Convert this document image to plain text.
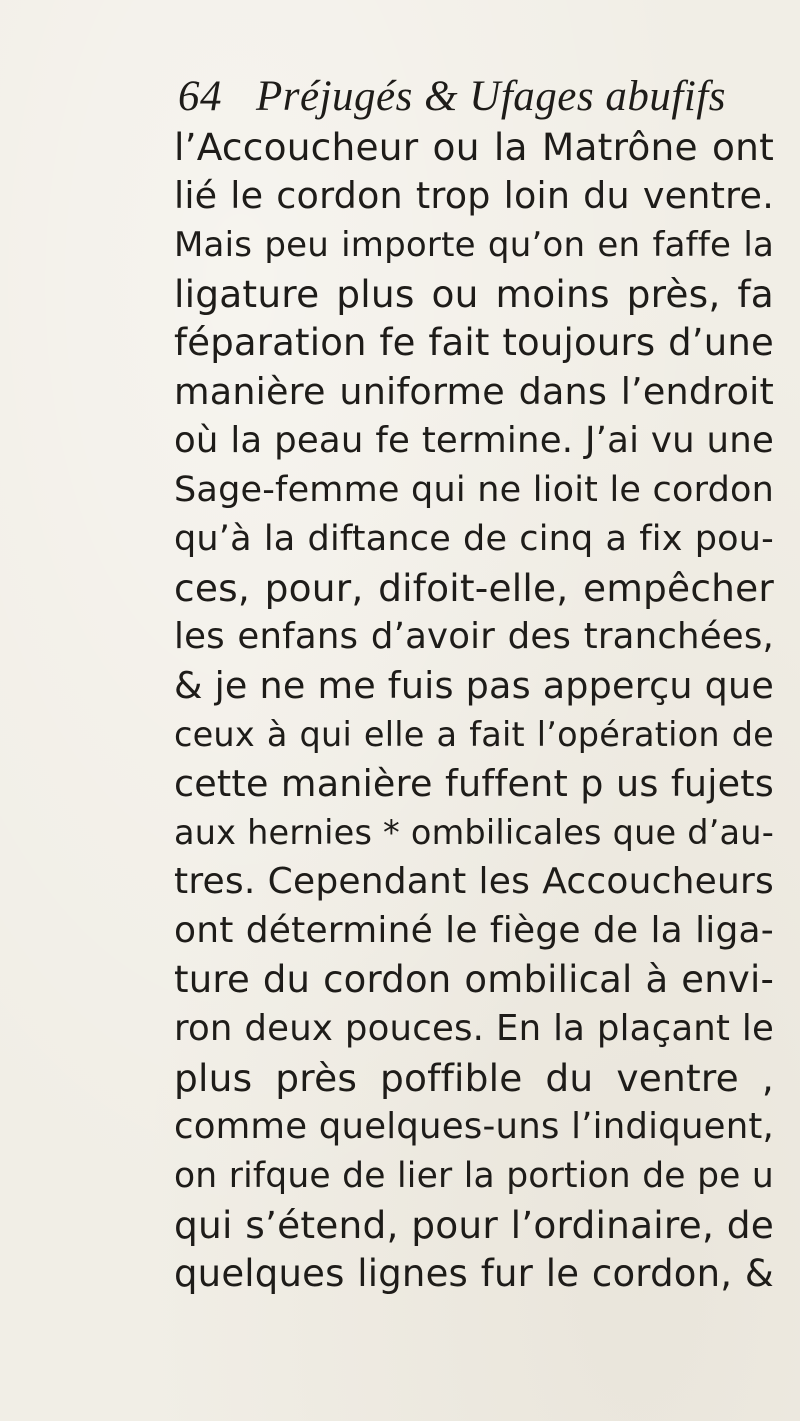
64 Préjugés & Ufages abufifs
l’Accoucheur ou la Matrône ont
lié le cordon trop loin du ventre.
Mais peu importe qu’on en faffe la
ligature plus ou moins près, fa
féparation fe fait toujours d’une
manière uniforme dans l’endroit
où la peau fe termine. J’ai vu une
Sage-femme qui ne lioit le cordon
qu’à la diftance de cinq a fix pou-
ces, pour, difoit-elle, empêcher
les enfans d’avoir des tranchées,
& je ne me fuis pas apperçu que
ceux à qui elle a fait l’opération de
cette manière fuffent p us fujets
aux hernies * ombilicales que d’au-
tres. Cependant les Accoucheurs
ont déterminé le fiège de la liga-
ture du cordon ombilical à envi-
ron deux pouces. En la plaçant le
plus près poffible du ventre ,
comme quelques-uns l’indiquent,
on rifque de lier la portion de pe u
qui s’étend, pour l’ordinaire, de
quelques lignes fur le cordon, &
